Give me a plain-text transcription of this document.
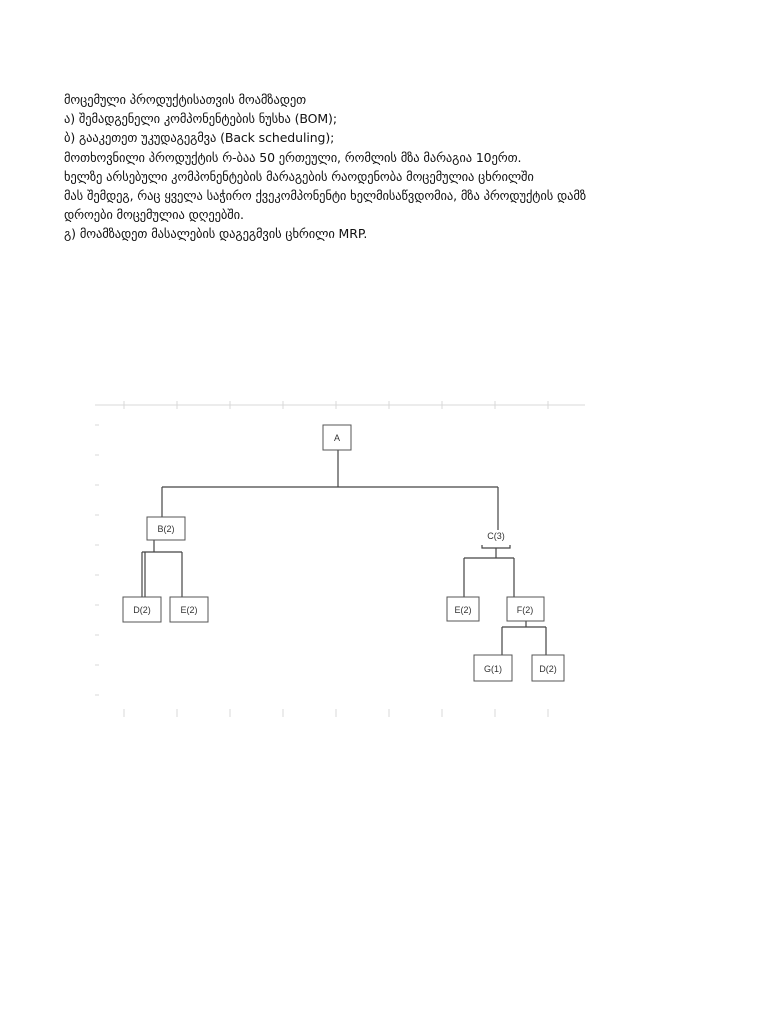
მოცემული პროდუქტისათვის მოამზადეთ
ა) შემადგენელი კომპონენტების ნუსხა (BOM);
ბ) გააკეთეთ უკუდაგეგმვა (Back scheduling);
მოთხოვნილი პროდუქტის რ-ბაა 50 ერთეული, რომლის მზა მარაგია 10ერთ.
ხელზე არსებული კომპონენტების მარაგების რაოდენობა მოცემულია ცხრილში
მას შემდეგ, რაც ყველა საჭირო ქვეკომპონენტი ხელმისაწვდომია, მზა პროდუქტის დამზ
დროები მოცემულია დღეებში.
გ) მოამზადეთ მასალების დაგეგმვის ცხრილი MRP.
A
B(2)
C(3)
D(2)	E(2)	E(2)	F(2)
G(1)	D(2)
